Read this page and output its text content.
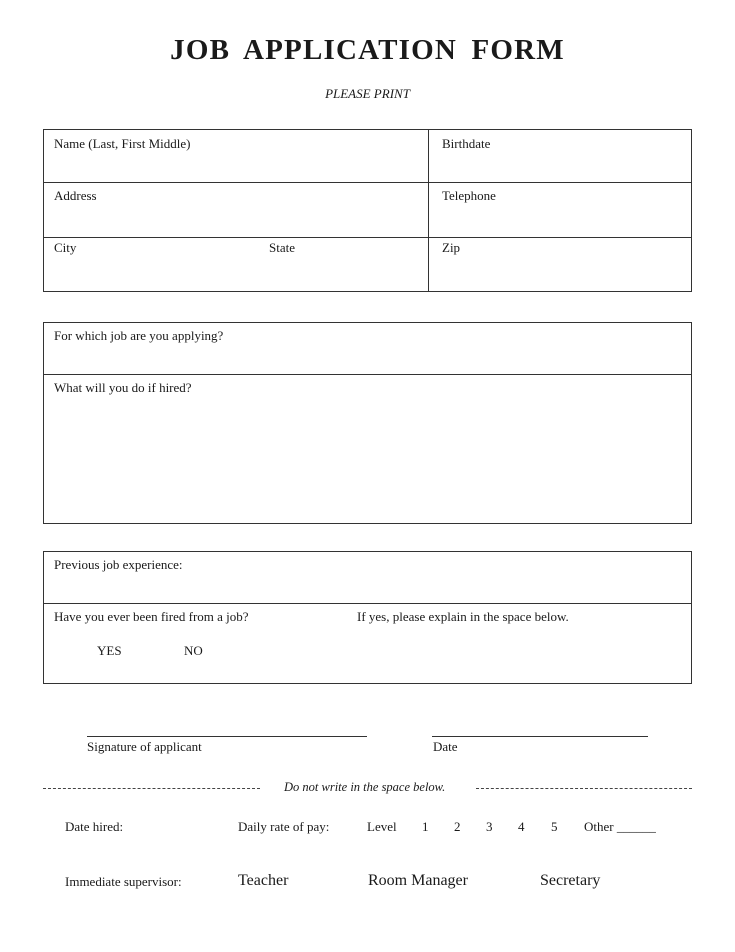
JOB APPLICATION FORM
PLEASE PRINT
Name (Last, First Middle)	Birthdate
Address	Telephone
City	State	Zip
For which job are you applying?
What will you do if hired?
Previous job experience:
Have you ever been fired from a job?	If yes, please explain in the space below.
YES	NO
Signature of applicant	Date
Do not write in the space below.
Date hired:	Daily rate of pay:	Level 1 2 3 4 5 Other ______
Immediate supervisor:	Teacher	Room Manager	Secretary
